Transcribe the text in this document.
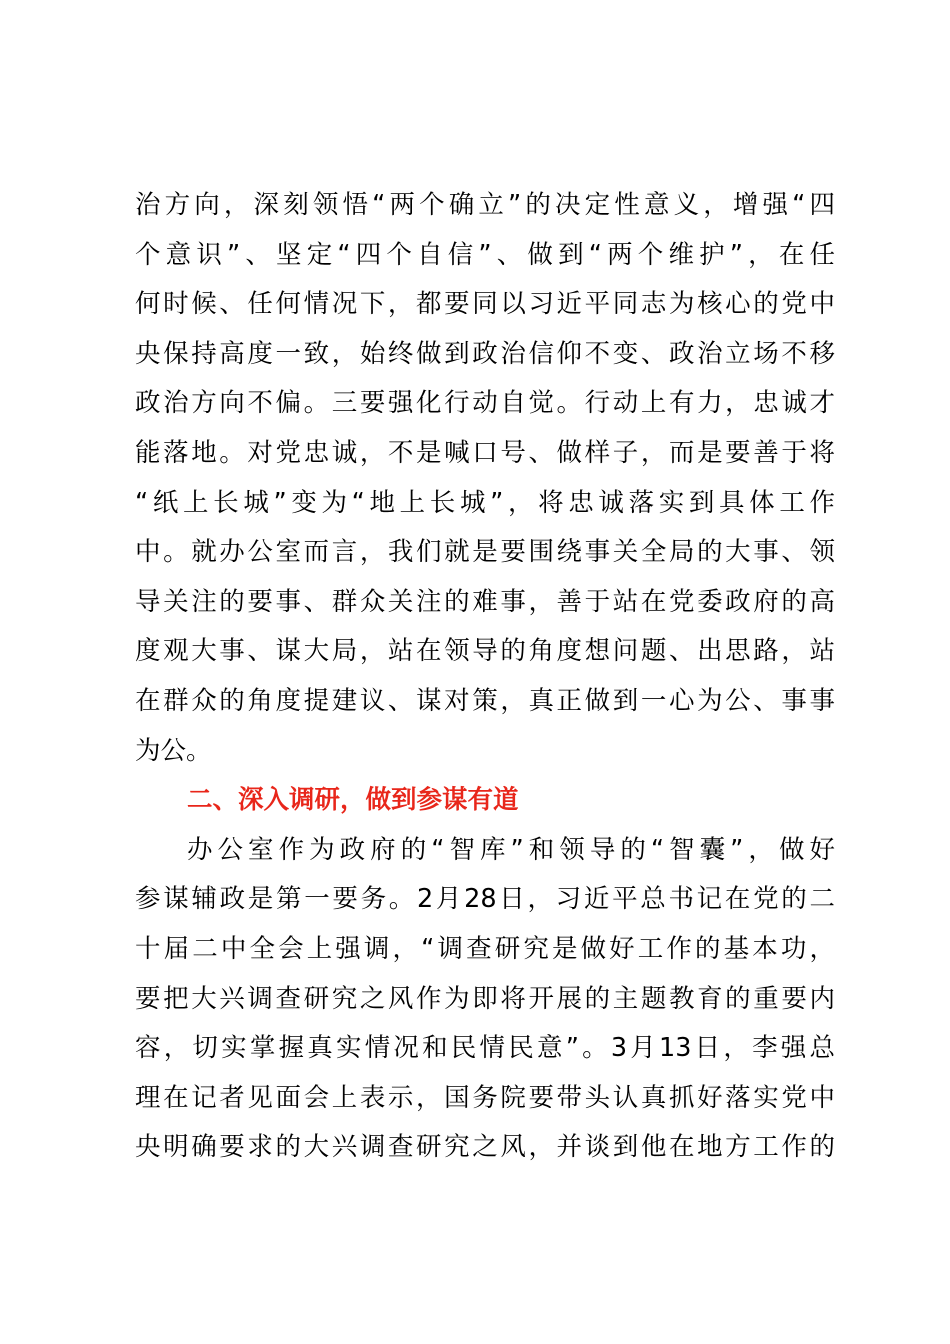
治方向，深刻领悟“两个确立”的决定性意义，增强“四
个意识”、坚定“四个自信”、做到“两个维护”，在任
何时候、任何情况下，都要同以习近平同志为核心的党中
央保持高度一致，始终做到政治信仰不变、政治立场不移
政治方向不偏。三要强化行动自觉。行动上有力，忠诚才
能落地。对党忠诚，不是喊口号、做样子，而是要善于将
“纸上长城”变为“地上长城”，将忠诚落实到具体工作
中。就办公室而言，我们就是要围绕事关全局的大事、领
导关注的要事、群众关注的难事，善于站在党委政府的高
度观大事、谋大局，站在领导的角度想问题、出思路，站
在群众的角度提建议、谋对策，真正做到一心为公、事事
为公。
二、深入调研，做到参谋有道
办公室作为政府的“智库”和领导的“智囊”，做好
参谋辅政是第一要务。2月28日，习近平总书记在党的二
十届二中全会上强调，“调查研究是做好工作的基本功，
要把大兴调查研究之风作为即将开展的主题教育的重要内
容，切实掌握真实情况和民情民意”。3月13日，李强总
理在记者见面会上表示，国务院要带头认真抓好落实党中
央明确要求的大兴调查研究之风，并谈到他在地方工作的
